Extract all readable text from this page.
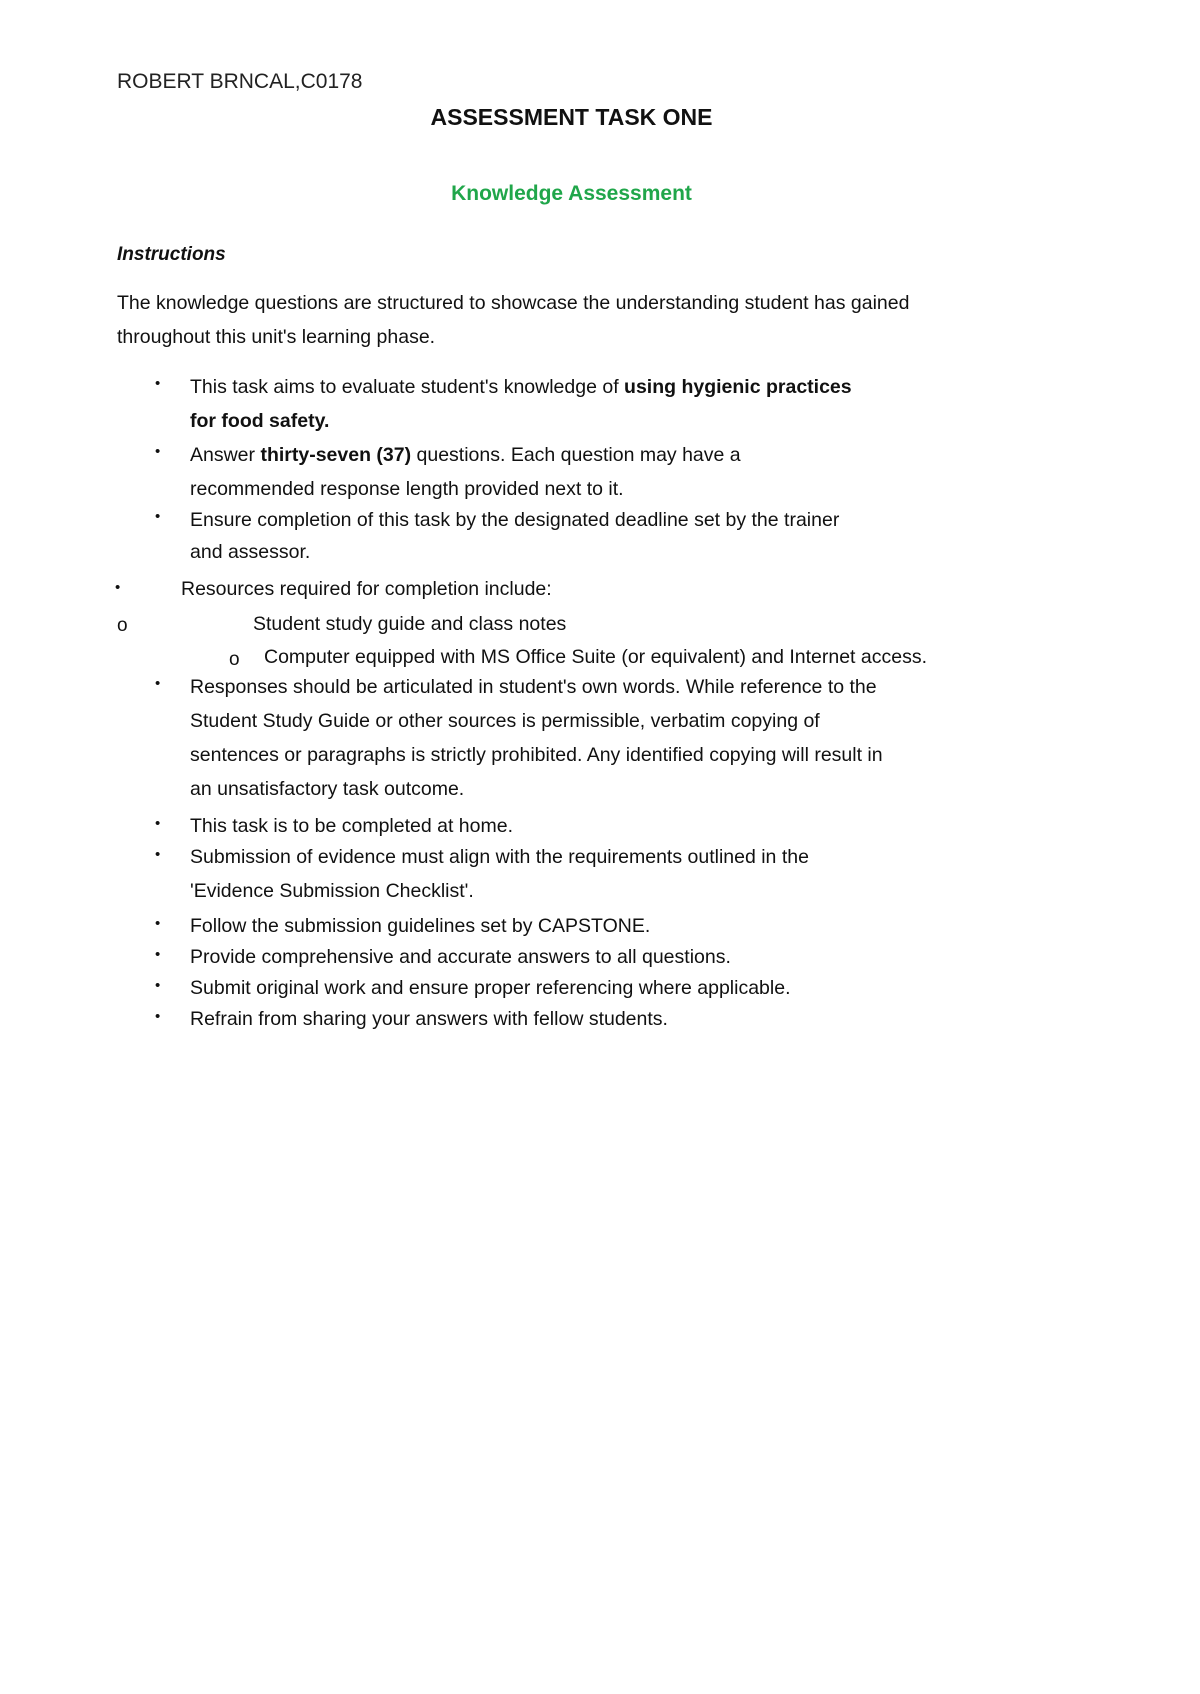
ROBERT BRNCAL,C0178
ASSESSMENT TASK ONE
Knowledge Assessment
Instructions
The knowledge questions are structured to showcase the understanding student has gained
throughout this unit's learning phase.
• This task aims to evaluate student's knowledge of using hygienic practices
for food safety.
• Answer thirty-seven (37) questions. Each question may have a
recommended response length provided next to it.
• Ensure completion of this task by the designated deadline set by the trainer
and assessor.
•	Resources required for completion include:
o	Student study guide and class notes
o Computer equipped with MS Office Suite (or equivalent) and Internet access.
• Responses should be articulated in student's own words. While reference to the
Student Study Guide or other sources is permissible, verbatim copying of
sentences or paragraphs is strictly prohibited. Any identified copying will result in
an unsatisfactory task outcome.
• This task is to be completed at home.
• Submission of evidence must align with the requirements outlined in the
'Evidence Submission Checklist'.
• Follow the submission guidelines set by CAPSTONE.
• Provide comprehensive and accurate answers to all questions.
• Submit original work and ensure proper referencing where applicable.
• Refrain from sharing your answers with fellow students.
